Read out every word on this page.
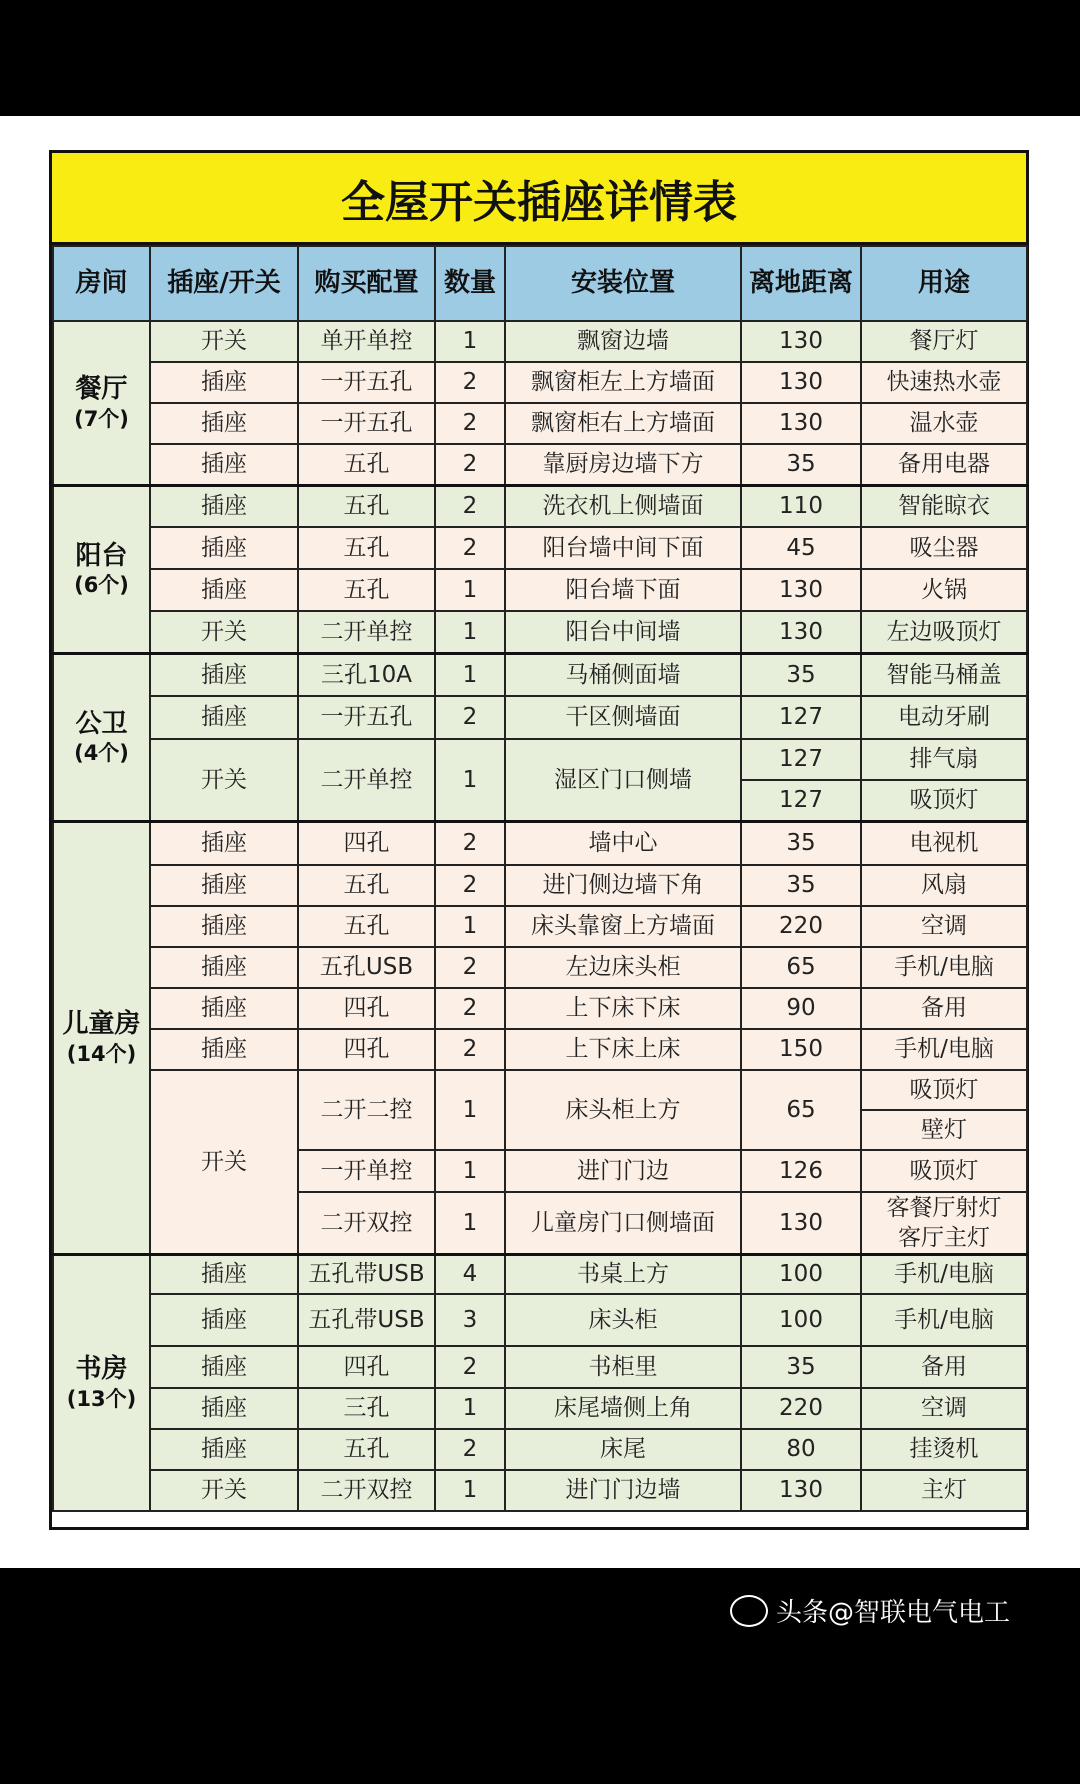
全屋开关插座详情表
房间	插座/开关	购买配置	数量	安装位置	离地距离	用途
餐厅
(7个)	开关	单开单控	1	飘窗边墙	130	餐厅灯
	插座	一开五孔	2	飘窗柜左上方墙面	130	快速热水壶
	插座	一开五孔	2	飘窗柜右上方墙面	130	温水壶
	插座	五孔	2	靠厨房边墙下方	35	备用电器
阳台
(6个)	插座	五孔	2	洗衣机上侧墙面	110	智能晾衣
	插座	五孔	2	阳台墙中间下面	45	吸尘器
	插座	五孔	1	阳台墙下面	130	火锅
	开关	二开单控	1	阳台中间墙	130	左边吸顶灯
公卫
(4个)	插座	三孔10A	1	马桶侧面墙	35	智能马桶盖
	插座	一开五孔	2	干区侧墙面	127	电动牙刷
	开关	二开单控	1	湿区门口侧墙	127	排气扇
					127	吸顶灯
儿童房
(14个)	插座	四孔	2	墙中心	35	电视机
	插座	五孔	2	进门侧边墙下角	35	风扇
	插座	五孔	1	床头靠窗上方墙面	220	空调
	插座	五孔USB	2	左边床头柜	65	手机/电脑
	插座	四孔	2	上下床下床	90	备用
	插座	四孔	2	上下床上床	150	手机/电脑
	开关	二开二控	1	床头柜上方	65	吸顶灯
						壁灯
		一开单控	1	进门门边	126	吸顶灯
		二开双控	1	儿童房门口侧墙面	130	客餐厅射灯
						客厅主灯
书房
(13个)	插座	五孔带USB	4	书桌上方	100	手机/电脑
	插座	五孔带USB	3	床头柜	100	手机/电脑
	插座	四孔	2	书柜里	35	备用
	插座	三孔	1	床尾墙侧上角	220	空调
	插座	五孔	2	床尾	80	挂烫机
	开关	二开双控	1	进门门边墙	130	主灯
头条@智联电气电工
